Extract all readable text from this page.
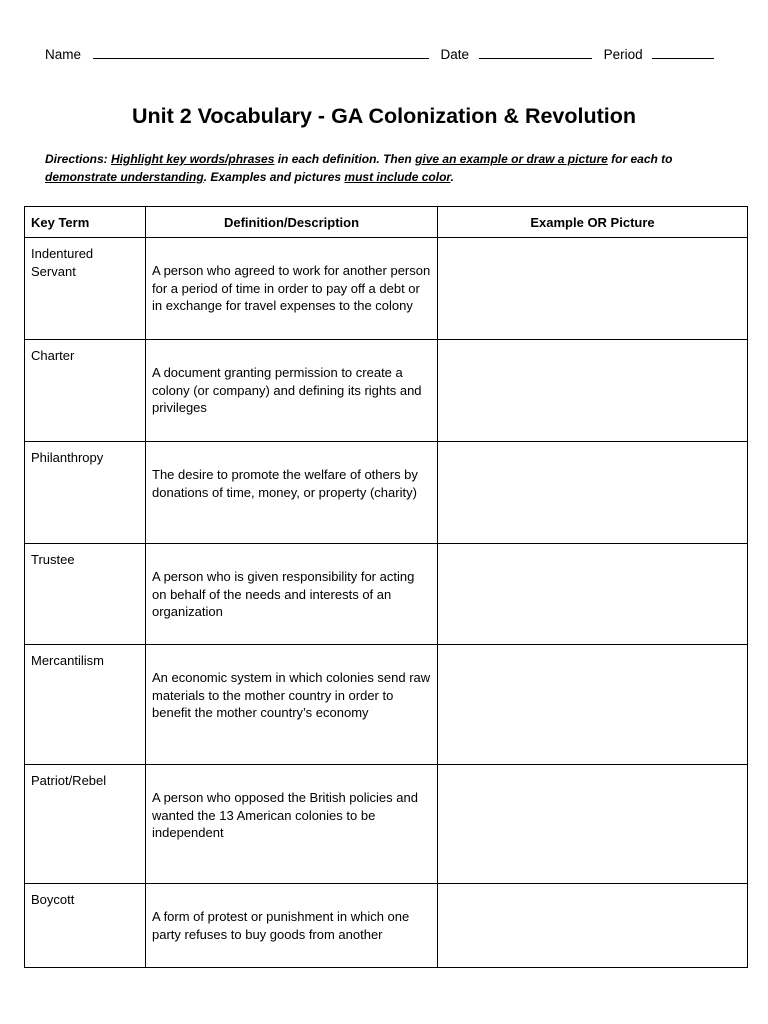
Name	Date	Period
Unit 2 Vocabulary - GA Colonization & Revolution
Directions: Highlight key words/phrases in each definition. Then give an example or draw a picture for each to demonstrate understanding. Examples and pictures must include color.
Key Term	Definition/Description	Example OR Picture
Indentured Servant	A person who agreed to work for another person for a period of time in order to pay off a debt or in exchange for travel expenses to the colony	
Charter	A document granting permission to create a colony (or company) and defining its rights and privileges	
Philanthropy	The desire to promote the welfare of others by donations of time, money, or property (charity)	
Trustee	A person who is given responsibility for acting on behalf of the needs and interests of an organization	
Mercantilism	An economic system in which colonies send raw materials to the mother country in order to benefit the mother country’s economy	
Patriot/Rebel	A person who opposed the British policies and wanted the 13 American colonies to be independent	
Boycott	A form of protest or punishment in which one party refuses to buy goods from another	
